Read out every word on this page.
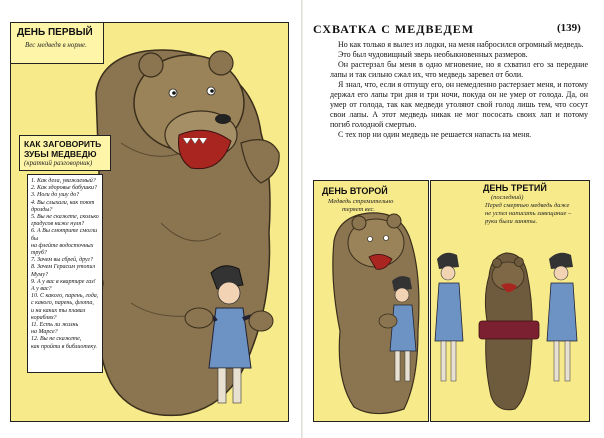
ДЕНЬ ПЕРВЫЙ
Вес медведя в норме.
КАК ЗАГОВОРИТЬ
ЗУБЫ МЕДВЕДЮ
(краткий разговорник)
1. Как дела, уважаемый?
2. Как здоровье бабушки?
3. Ноги до ушу до?
4. Вы слыхали, как поют
дрозды?
5. Вы не скажете, сколько
градусов ниже нуля?
6. А Вы смотрите смогли бы
на флейте водосточных
труб?
7. Зачем вы сбрей, друг?
8. Зачем Герасим утопил
Муму?
9. А у вас в квартире газ!
А у вас?
10. С какого, парень, года,
с какого, парень, флота,
и на каких ты плавал
кораблях?
11. Есть ли жизнь
на Марсе?
12. Вы не скажете,
как пройти в библиотеку.
СХВАТКА С МЕДВЕДЕМ	(139)

Но как только я вылез из лодки, на меня набросился огромный медведь.

Это был чудовищный зверь необыкновенных размеров.

Он растерзал бы меня в одно мгновение, но я схватил его за передние лапы и так сильно сжал их, что медведь заревел от боли.

Я знал, что, если я отпущу его, он немедленно растерзает меня, и потому держал его лапы три дня и три ночи, покуда он не умер от голода. Да, он умер от голода, так как медведи утоляют свой голод лишь тем, что сосут свои лапы. А этот медведь никак не мог пососать своих лап и потому погиб голодной смертью.

С тех пор ни один медведь не решается напасть на меня.

ДЕНЬ ВТОРОЙ
Медведь стремительно
теряет вес.
ДЕНЬ ТРЕТИЙ
(последний)
Перед смертью медведь даже
не успел написать завещание –
руки были заняты.
